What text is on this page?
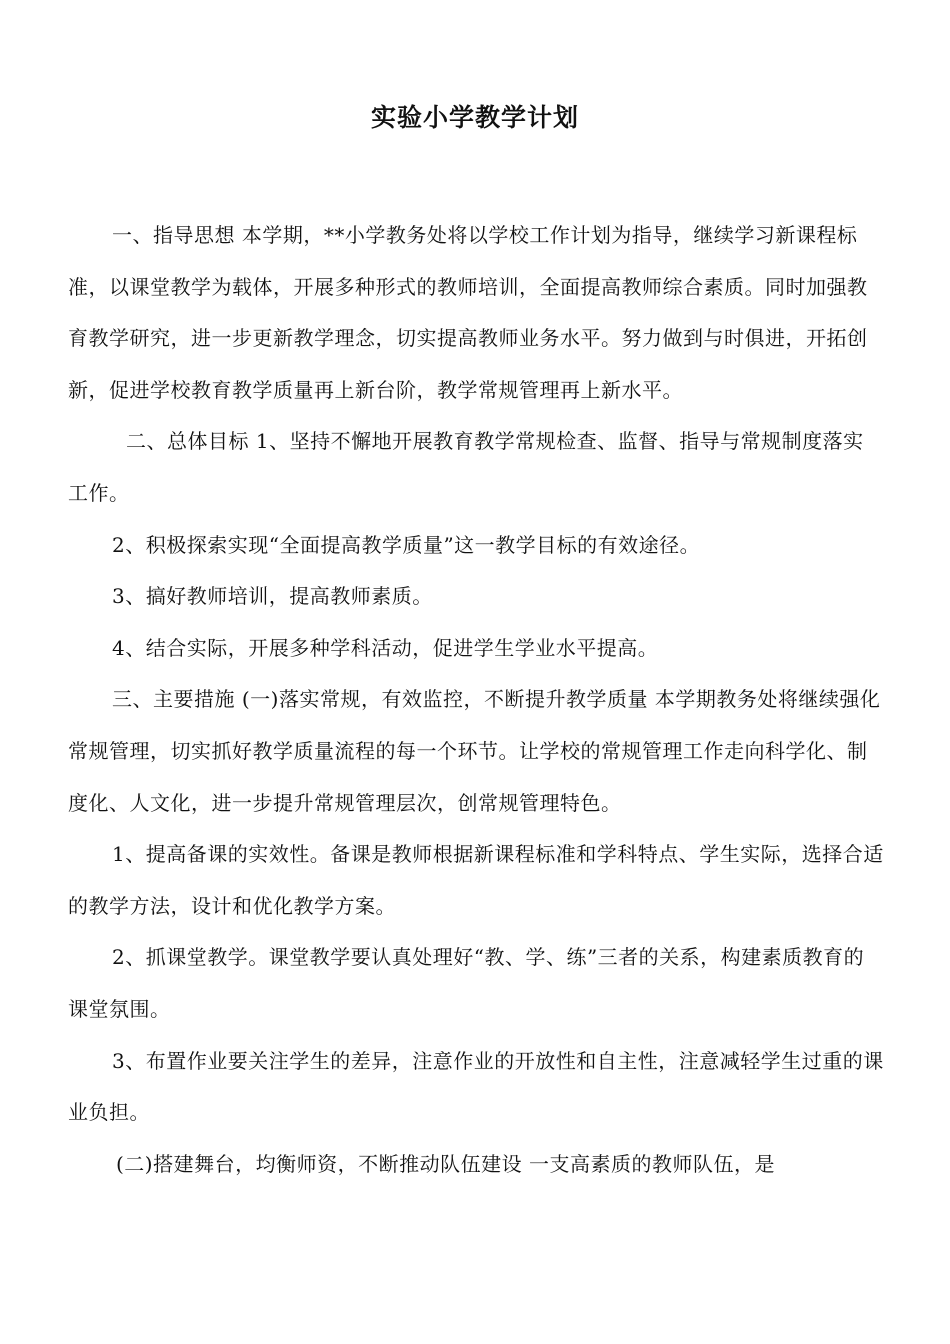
实验小学教学计划

一、指导思想 本学期，**小学教务处将以学校工作计划为指导，继续学习新课程标准，以课堂教学为载体，开展多种形式的教师培训，全面提高教师综合素质。同时加强教育教学研究，进一步更新教学理念，切实提高教师业务水平。努力做到与时俱进，开拓创新，促进学校教育教学质量再上新台阶，教学常规管理再上新水平。

二、总体目标 1、坚持不懈地开展教育教学常规检查、监督、指导与常规制度落实工作。

2、积极探索实现“全面提高教学质量”这一教学目标的有效途径。

3、搞好教师培训，提高教师素质。

4、结合实际，开展多种学科活动，促进学生学业水平提高。

三、主要措施 (一)落实常规，有效监控，不断提升教学质量 本学期教务处将继续强化常规管理，切实抓好教学质量流程的每一个环节。让学校的常规管理工作走向科学化、制度化、人文化，进一步提升常规管理层次，创常规管理特色。

1、提高备课的实效性。备课是教师根据新课程标准和学科特点、学生实际，选择合适的教学方法，设计和优化教学方案。

2、抓课堂教学。课堂教学要认真处理好“教、学、练”三者的关系，构建素质教育的课堂氛围。

3、布置作业要关注学生的差异，注意作业的开放性和自主性，注意减轻学生过重的课业负担。

(二)搭建舞台，均衡师资，不断推动队伍建设 一支高素质的教师队伍，是
